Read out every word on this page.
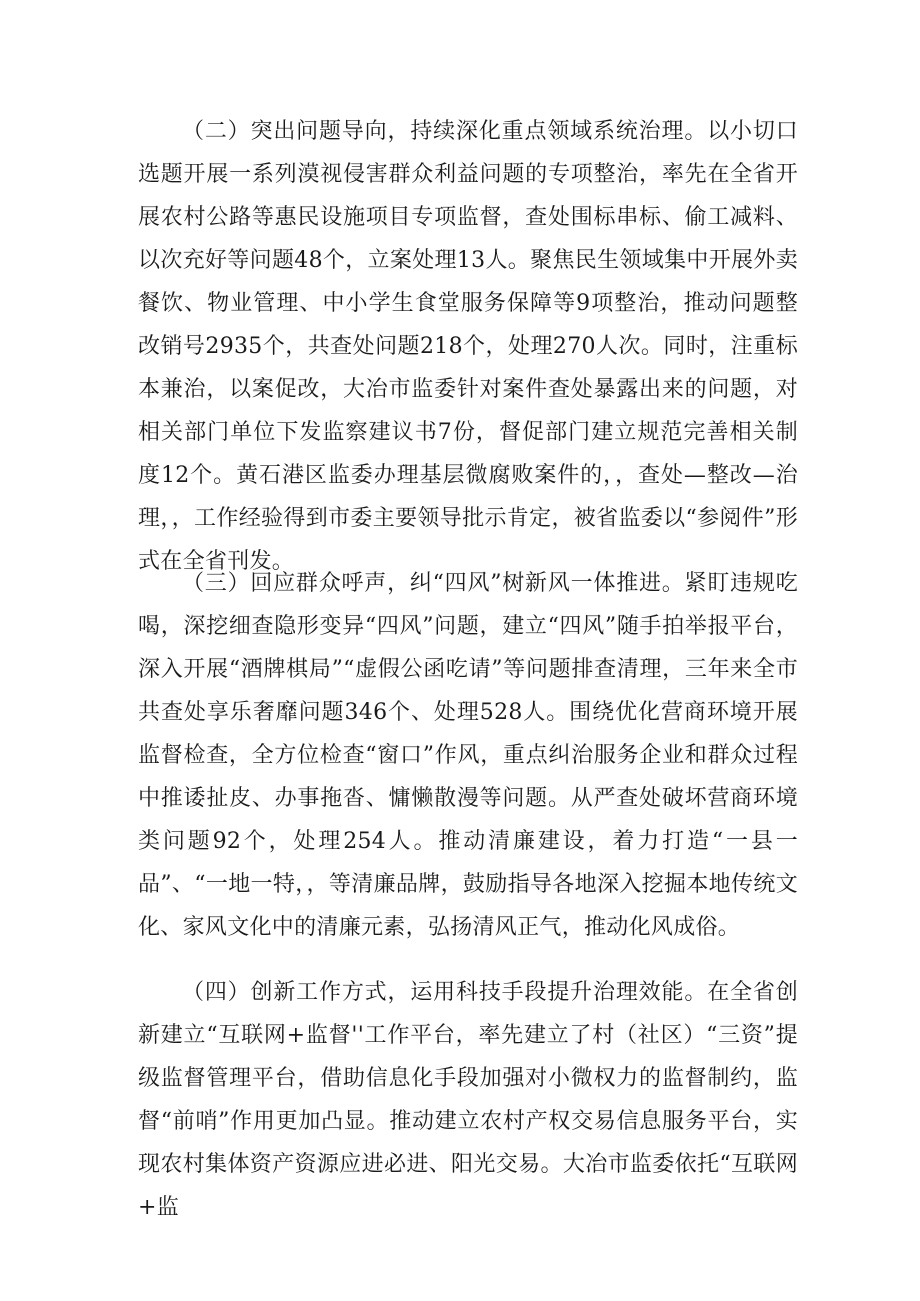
（二）突出问题导向，持续深化重点领域系统治理。以小切口选题开展一系列漠视侵害群众利益问题的专项整治，率先在全省开展农村公路等惠民设施项目专项监督，查处围标串标、偷工减料、以次充好等问题48个，立案处理13人。聚焦民生领域集中开展外卖餐饮、物业管理、中小学生食堂服务保障等9项整治，推动问题整改销号2935个，共查处问题218个，处理270人次。同时，注重标本兼治，以案促改，大冶市监委针对案件查处暴露出来的问题，对相关部门单位下发监察建议书7份，督促部门建立规范完善相关制度12个。黄石港区监委办理基层微腐败案件的，，查处—整改—治理，，工作经验得到市委主要领导批示肯定，被省监委以“参阅件”形式在全省刊发。

（三）回应群众呼声，纠“四风”树新风一体推进。紧盯违规吃喝，深挖细查隐形变异“四风”问题，建立“四风”随手拍举报平台，深入开展“酒牌棋局”“虚假公函吃请”等问题排查清理，三年来全市共查处享乐奢靡问题346个、处理528人。围绕优化营商环境开展监督检查，全方位检查“窗口”作风，重点纠治服务企业和群众过程中推诿扯皮、办事拖沓、慵懒散漫等问题。从严查处破坏营商环境类问题92个，处理254人。推动清廉建设，着力打造“一县一品”、“一地一特，，等清廉品牌，鼓励指导各地深入挖掘本地传统文化、家风文化中的清廉元素，弘扬清风正气，推动化风成俗。

（四）创新工作方式，运用科技手段提升治理效能。在全省创新建立“互联网+监督''工作平台，率先建立了村（社区）“三资”提级监督管理平台，借助信息化手段加强对小微权力的监督制约，监督“前哨”作用更加凸显。推动建立农村产权交易信息服务平台，实现农村集体资产资源应进必进、阳光交易。大冶市监委依托“互联网+监
